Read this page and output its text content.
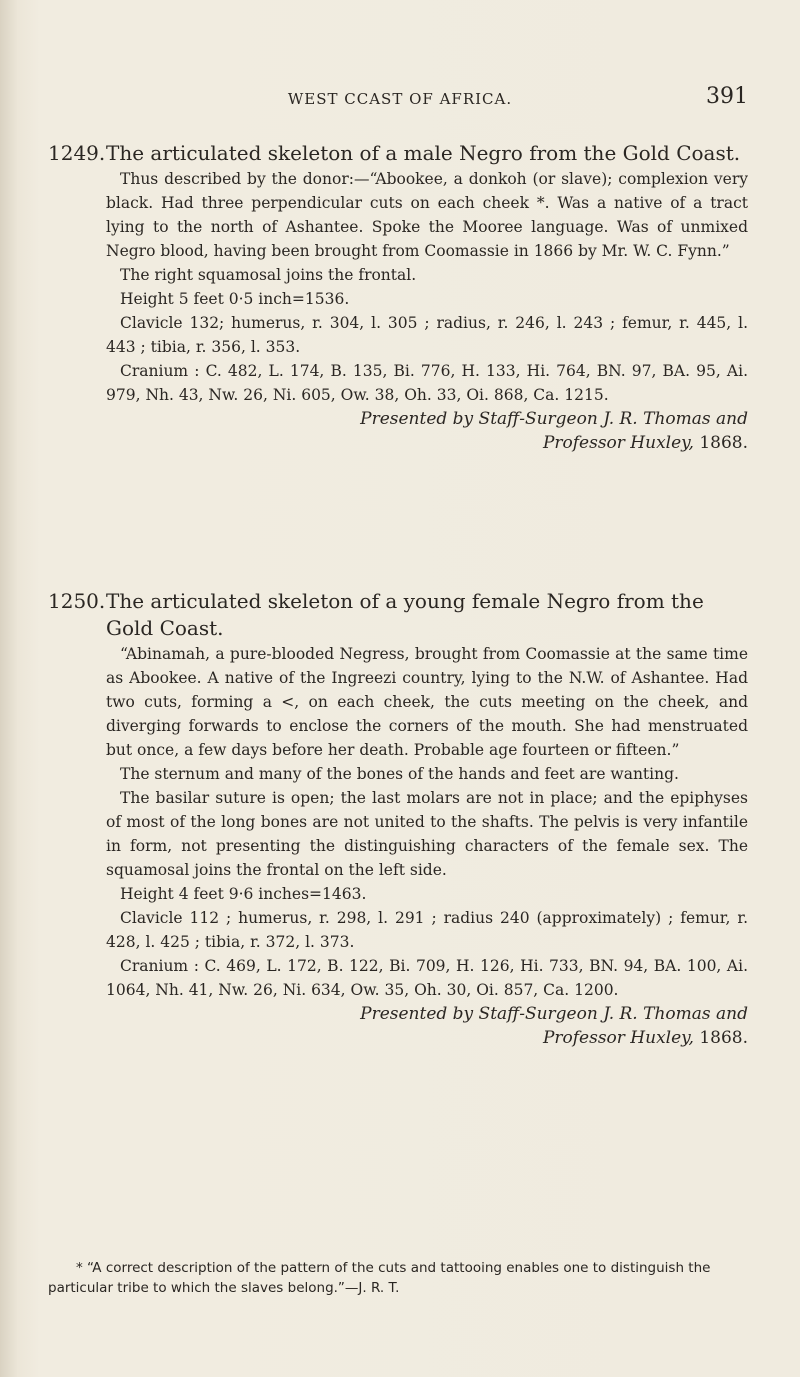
WEST CCAST OF AFRICA.	391
1249.The articulated skeleton of a male Negro from the Gold Coast.
Thus described by the donor:—“Abookee, a donkoh (or slave); complexion very black. Had three perpendicular cuts on each cheek *. Was a native of a tract lying to the north of Ashantee. Spoke the Mooree language. Was of unmixed Negro blood, having been brought from Coomassie in 1866 by Mr. W. C. Fynn.”
The right squamosal joins the frontal.
Height 5 feet 0·5 inch=1536.
Clavicle 132; humerus, r. 304, l. 305 ; radius, r. 246, l. 243 ; femur, r. 445, l. 443 ; tibia, r. 356, l. 353.
Cranium : C. 482, L. 174, B. 135, Bi. 776, H. 133, Hi. 764, BN. 97, BA. 95, Ai. 979, Nh. 43, Nw. 26, Ni. 605, Ow. 38, Oh. 33, Oi. 868, Ca. 1215.
Presented by Staff-Surgeon J. R. Thomas and
Professor Huxley, 1868.
1250.The articulated skeleton of a young female Negro from the Gold Coast.
“Abinamah, a pure-blooded Negress, brought from Coomassie at the same time as Abookee. A native of the Ingreezi country, lying to the N.W. of Ashantee. Had two cuts, forming a <, on each cheek, the cuts meeting on the cheek, and diverging forwards to enclose the corners of the mouth. She had menstruated but once, a few days before her death. Probable age fourteen or fifteen.”
The sternum and many of the bones of the hands and feet are wanting.
The basilar suture is open; the last molars are not in place; and the epiphyses of most of the long bones are not united to the shafts. The pelvis is very infantile in form, not presenting the distinguishing characters of the female sex. The squamosal joins the frontal on the left side.
Height 4 feet 9·6 inches=1463.
Clavicle 112 ; humerus, r. 298, l. 291 ; radius 240 (approximately) ; femur, r. 428, l. 425 ; tibia, r. 372, l. 373.
Cranium : C. 469, L. 172, B. 122, Bi. 709, H. 126, Hi. 733, BN. 94, BA. 100, Ai. 1064, Nh. 41, Nw. 26, Ni. 634, Ow. 35, Oh. 30, Oi. 857, Ca. 1200.
Presented by Staff-Surgeon J. R. Thomas and
Professor Huxley, 1868.
* “A correct description of the pattern of the cuts and tattooing enables one to distinguish the particular tribe to which the slaves belong.”—J. R. T.
